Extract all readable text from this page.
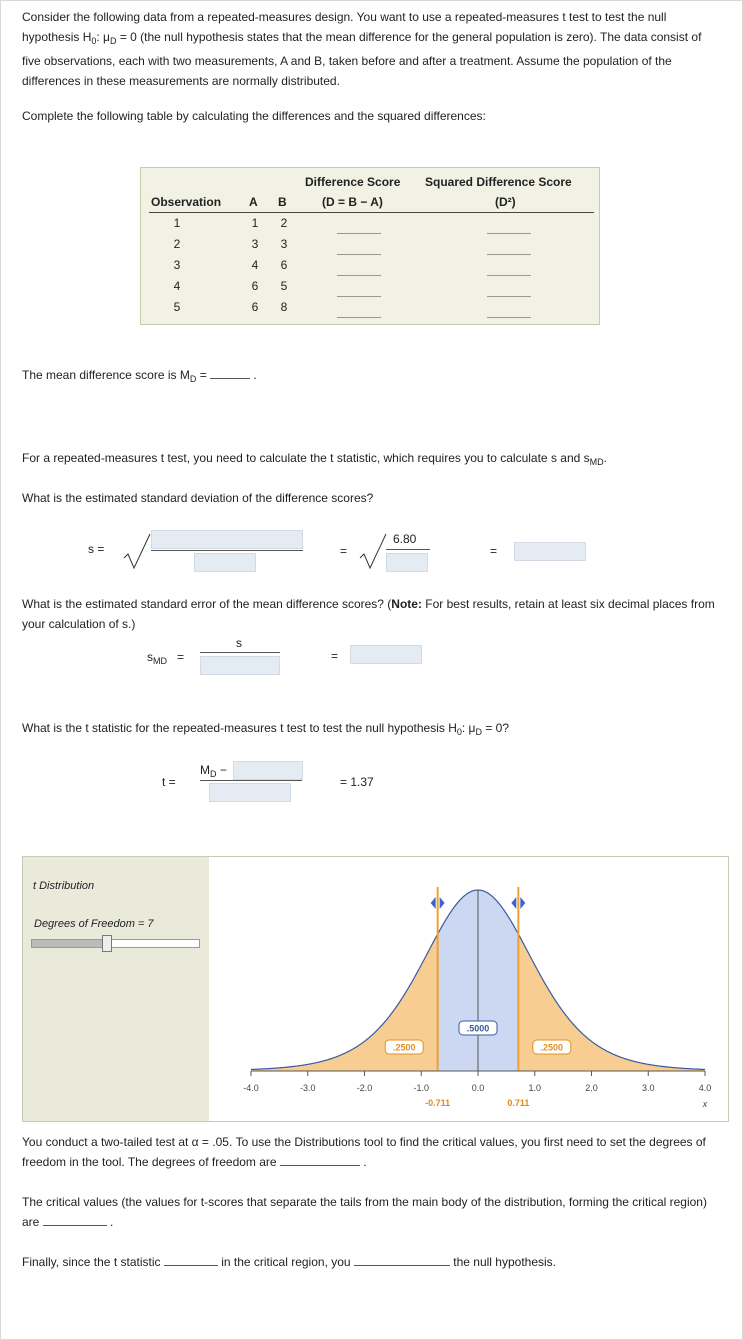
Consider the following data from a repeated-measures design. You want to use a repeated-measures t test to test the null hypothesis $H_0$: $\mu_D = 0$ (the null hypothesis states that the mean difference for the general population is zero). The data consist of five observations, each with two measurements, A and B, taken before and after a treatment. Assume the population of the differences in these measurements are normally distributed.

Complete the following table by calculating the differences and the squared differences:

Observation A B
Difference Score
(D = B − A)
Squared Difference Score
(D²)
1	1	2
2	3	3
3	4	6
4	6	5
5	6	8

The mean difference score is $M_D$ =	.

For a repeated-measures t test, you need to calculate the t statistic, which requires you to calculate s and $s_{MD}$.

What is the estimated standard deviation of the difference scores?

s =	=
6.80
=

What is the estimated standard error of the mean difference scores? (Note: For best results, retain at least six decimal places from your calculation of s.)

$s_{MD}$ =
s
=

What is the t statistic for the repeated-measures t test to test the null hypothesis $H_0$: $\mu_D = 0$?

t =
$M_D$ −
= 1.37
t Distribution
Degrees of Freedom = 7
-4.0	-3.0	-2.0	-1.0	0.0	1.0	2.0	3.0	4.0
-0.711	0.711	x
.2500
.5000
.2500

You conduct a two-tailed test at α = .05. To use the Distributions tool to find the critical values, you first need to set the degrees of freedom in the tool. The degrees of freedom are	.

The critical values (the values for t-scores that separate the tails from the main body of the distribution, forming the critical region) are	.

Finally, since the t statistic	in the critical region, you	the null hypothesis.
